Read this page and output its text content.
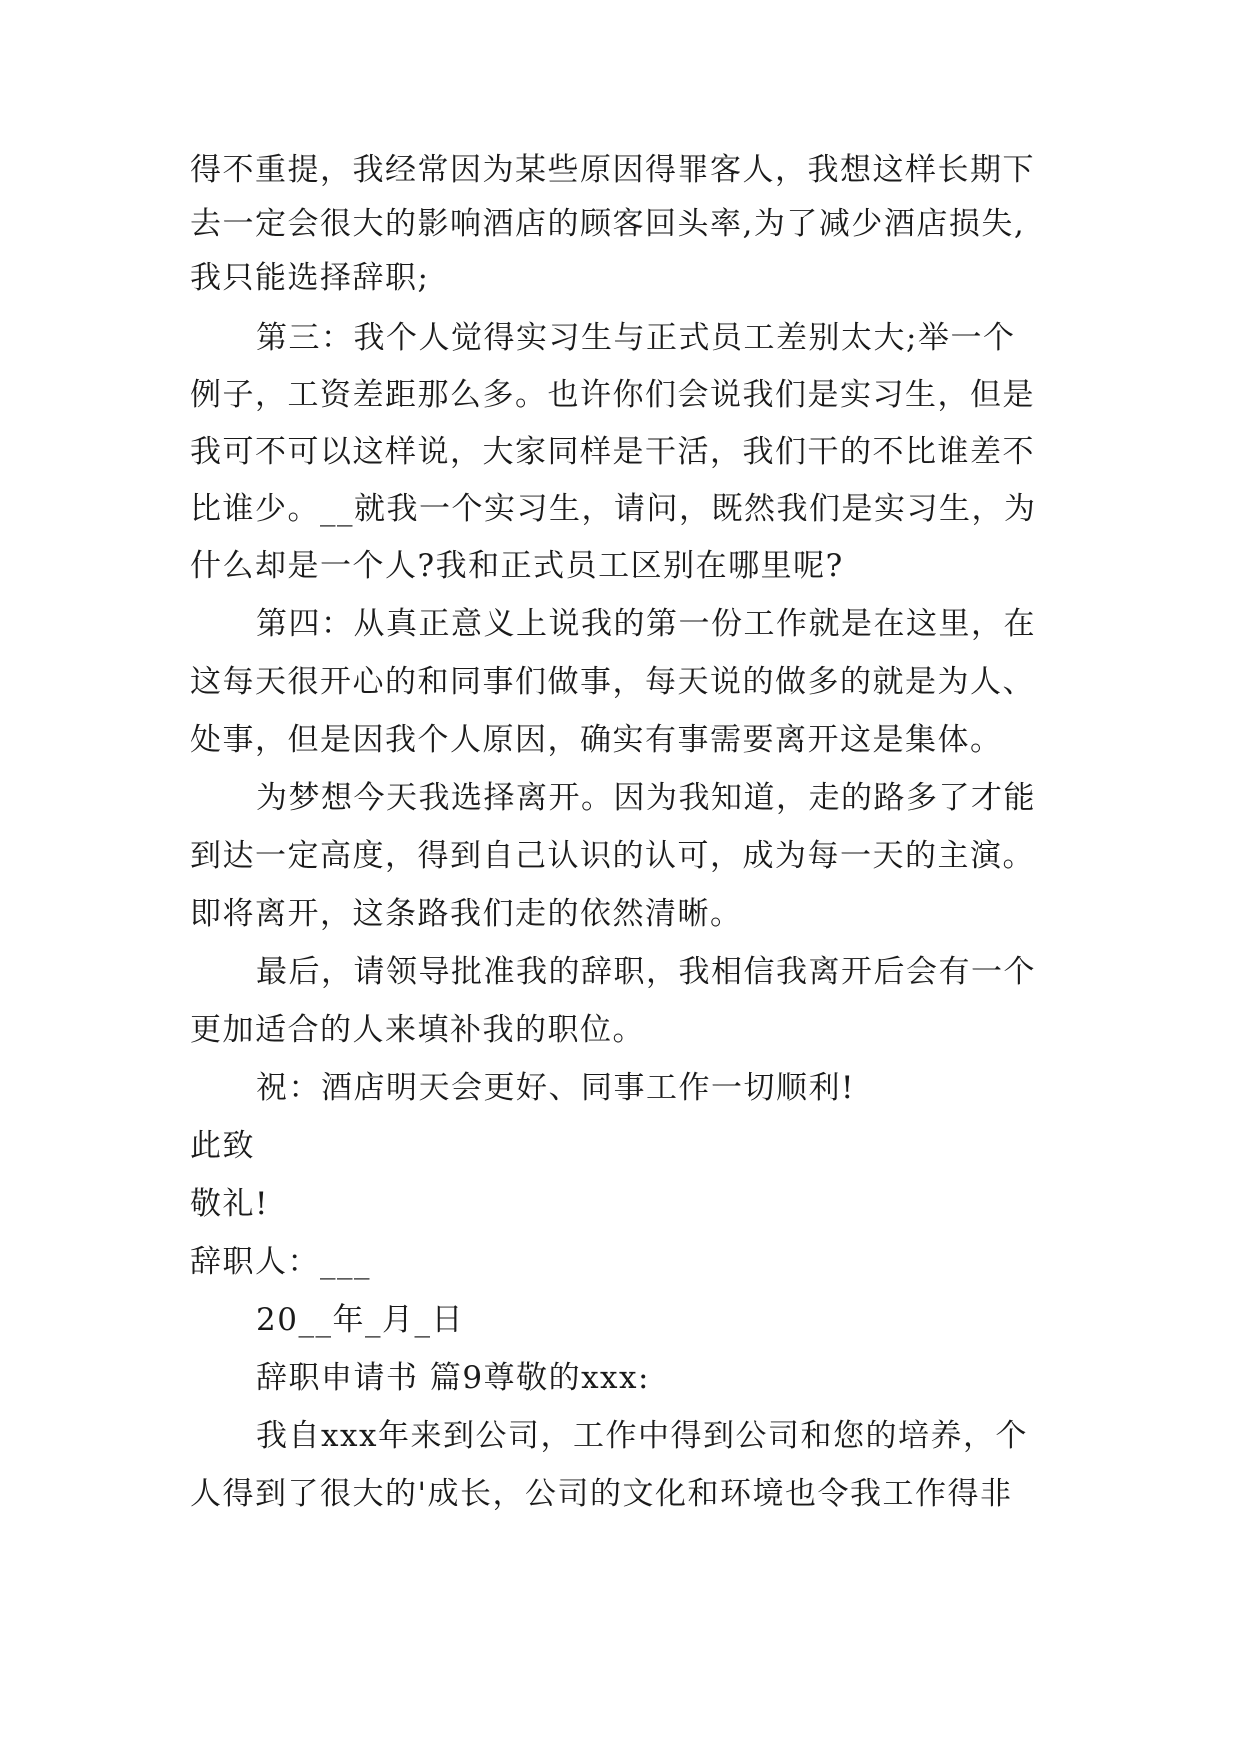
得不重提，我经常因为某些原因得罪客人，我想这样长期下
去一定会很大的影响酒店的顾客回头率,为了减少酒店损失,
我只能选择辞职;
第三：我个人觉得实习生与正式员工差别太大;举一个
例子，工资差距那么多。也许你们会说我们是实习生，但是
我可不可以这样说，大家同样是干活，我们干的不比谁差不
比谁少。__就我一个实习生，请问，既然我们是实习生，为
什么却是一个人?我和正式员工区别在哪里呢?
第四：从真正意义上说我的第一份工作就是在这里，在
这每天很开心的和同事们做事，每天说的做多的就是为人、
处事，但是因我个人原因，确实有事需要离开这是集体。
为梦想今天我选择离开。因为我知道，走的路多了才能
到达一定高度，得到自己认识的认可，成为每一天的主演。
即将离开，这条路我们走的依然清晰。
最后，请领导批准我的辞职，我相信我离开后会有一个
更加适合的人来填补我的职位。
祝：酒店明天会更好、同事工作一切顺利!
此致
敬礼!
辞职人：___
20__年_月_日
辞职申请书 篇9尊敬的xxx:
我自xxx年来到公司，工作中得到公司和您的培养，个
人得到了很大的'成长，公司的文化和环境也令我工作得非
